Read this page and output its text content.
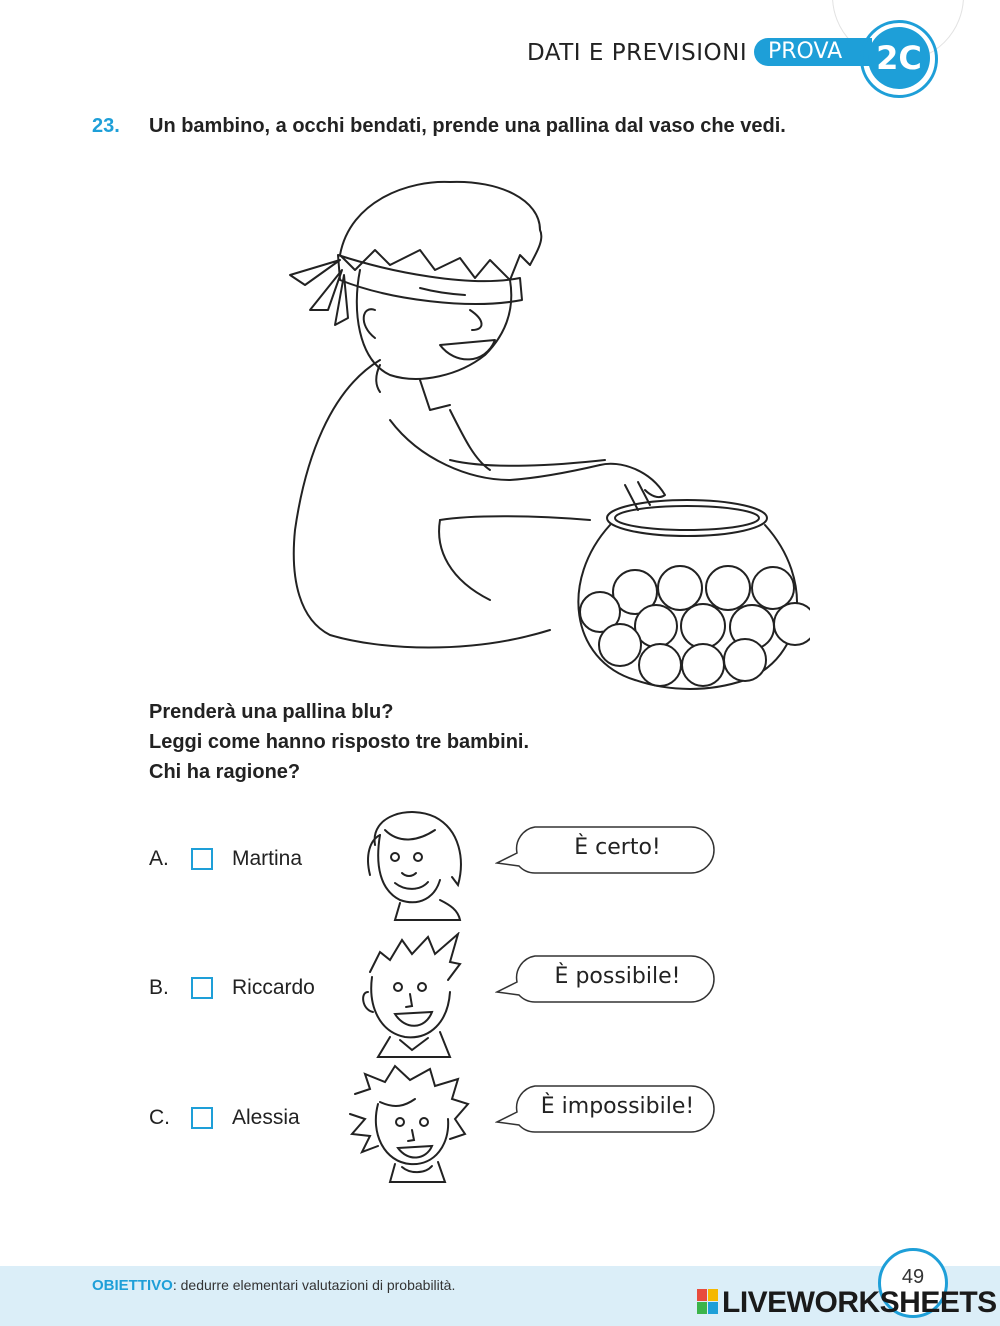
DATI E PREVISIONI PROVA	2C
23. Un bambino, a occhi bendati, prende una pallina dal vaso che vedi.
Prenderà una pallina blu?
Leggi come hanno risposto tre bambini.
Chi ha ragione?
A.	Martina	È certo!
B.	Riccardo	È possibile!
C.	Alessia	È impossibile!
OBIETTIVO: dedurre elementari valutazioni di probabilità.	49
LIVEWORKSHEETS
